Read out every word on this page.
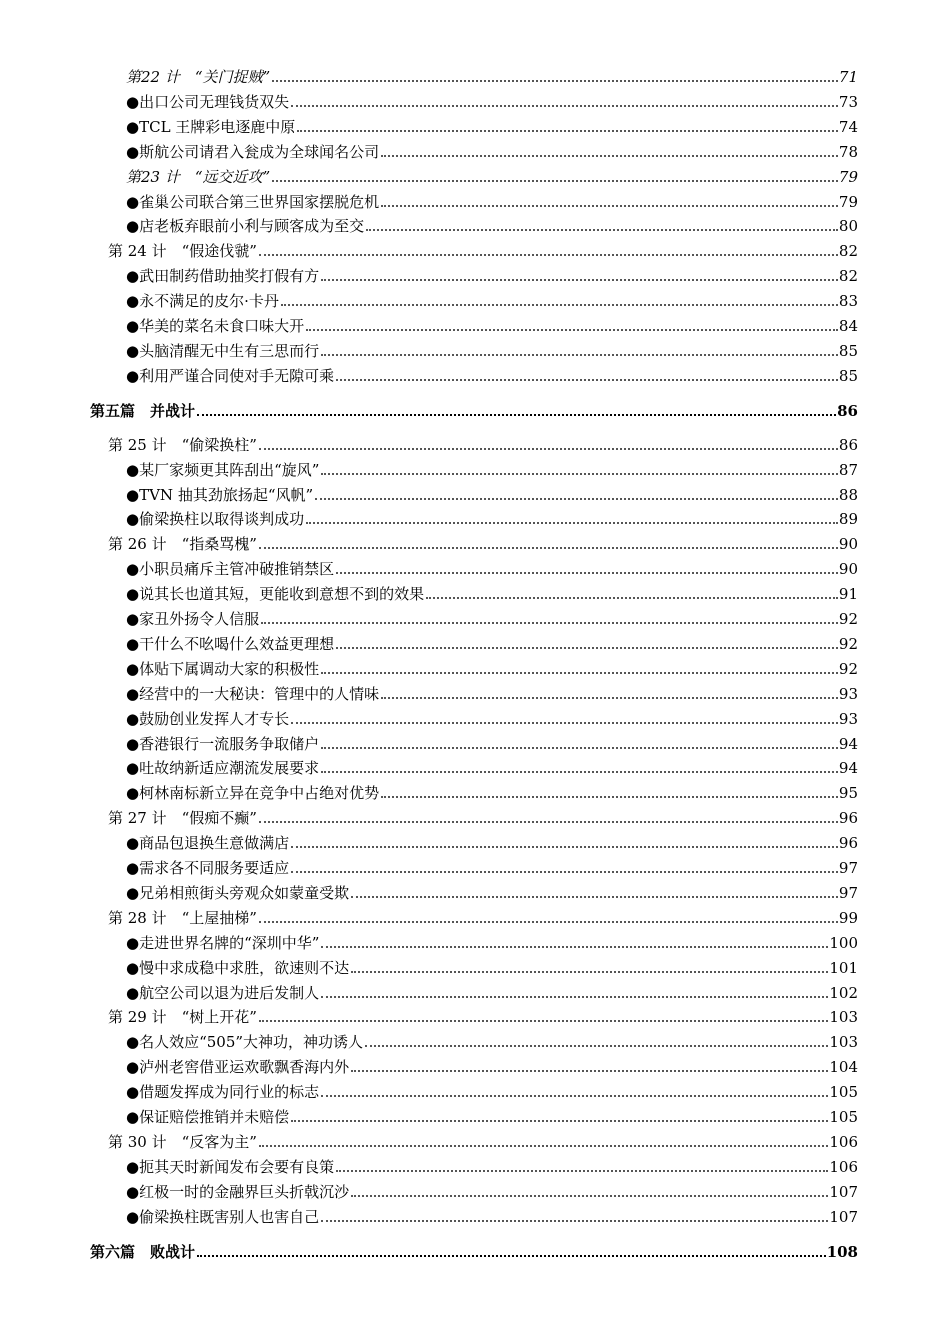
第22 计　“关门捉贼”	71
●出口公司无理钱货双失	73
●TCL 王牌彩电逐鹿中原	74
●斯航公司请君入瓮成为全球闻名公司	78
第23 计　“远交近攻”	79
●雀巢公司联合第三世界国家摆脱危机	79
●店老板弃眼前小利与顾客成为至交	80
第 24 计　“假途伐虢”	82
●武田制药借助抽奖打假有方	82
●永不满足的皮尔·卡丹	83
●华美的菜名未食口味大开	84
●头脑清醒无中生有三思而行	85
●利用严谨合同使对手无隙可乘	85
第五篇　并战计	86
第 25 计　“偷梁换柱”	86
●某厂家频更其阵刮出“旋风”	87
●TVN 抽其劲旅扬起“风帆”	88
●偷梁换柱以取得谈判成功	89
第 26 计　“指桑骂槐”	90
●小职员痛斥主管冲破推销禁区	90
●说其长也道其短，更能收到意想不到的效果	91
●家丑外扬令人信服	92
●干什么不吆喝什么效益更理想	92
●体贴下属调动大家的积极性	92
●经营中的一大秘诀：管理中的人情味	93
●鼓励创业发挥人才专长	93
●香港银行一流服务争取储户	94
●吐故纳新适应潮流发展要求	94
●柯林南标新立异在竞争中占绝对优势	95
第 27 计　“假痴不癫”	96
●商品包退换生意做满店	96
●需求各不同服务要适应	97
●兄弟相煎街头旁观众如蒙童受欺	97
第 28 计　“上屋抽梯”	99
●走进世界名牌的“深圳中华”	100
●慢中求成稳中求胜，欲速则不达	101
●航空公司以退为进后发制人	102
第 29 计　“树上开花”	103
●名人效应“505”大神功，神功诱人	103
●泸州老窖借亚运欢歌飘香海内外	104
●借题发挥成为同行业的标志	105
●保证赔偿推销并未赔偿	105
第 30 计　“反客为主”	106
●扼其天时新闻发布会要有良策	106
●红极一时的金融界巨头折戟沉沙	107
●偷梁换柱既害别人也害自己	107
第六篇　败战计	108
